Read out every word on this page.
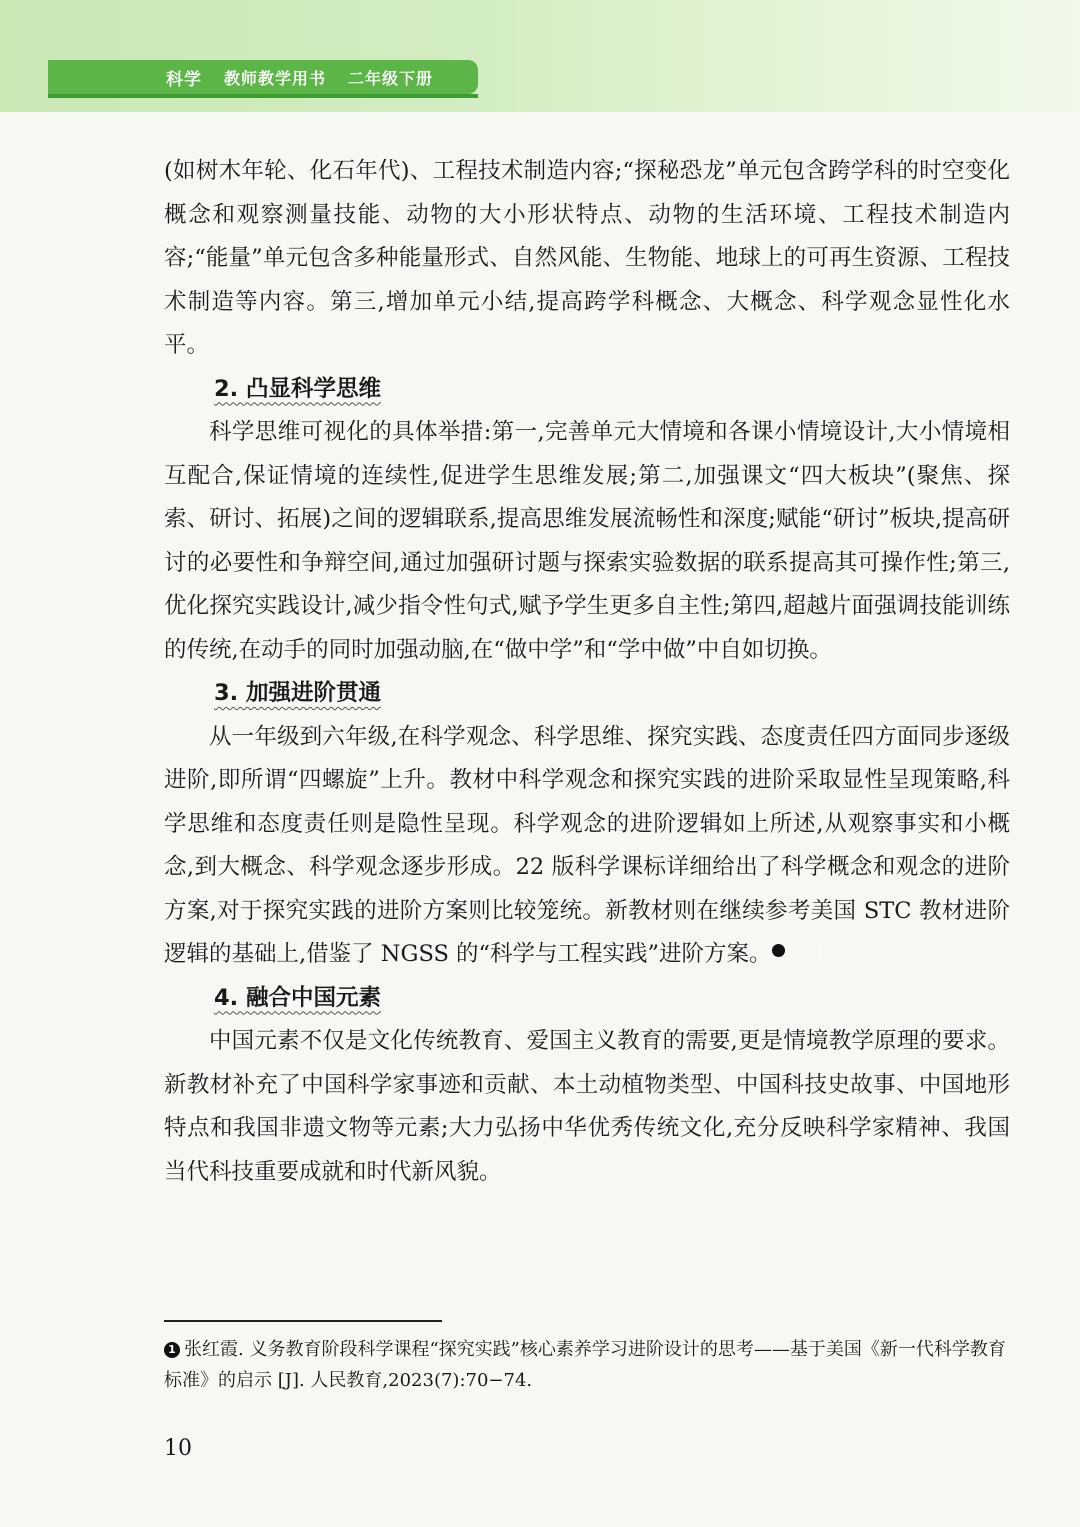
科学 教师教学用书 二年级下册

(如树木年轮、化石年代)、工程技术制造内容;“探秘恐龙”单元包含跨学科的时空变化概念和观察测量技能、动物的大小形状特点、动物的生活环境、工程技术制造内容;“能量”单元包含多种能量形式、自然风能、生物能、地球上的可再生资源、工程技术制造等内容。第三,增加单元小结,提高跨学科概念、大概念、科学观念显性化水平。

2. 凸显科学思维

科学思维可视化的具体举措:第一,完善单元大情境和各课小情境设计,大小情境相互配合,保证情境的连续性,促进学生思维发展;第二,加强课文“四大板块”(聚焦、探索、研讨、拓展)之间的逻辑联系,提高思维发展流畅性和深度;赋能“研讨”板块,提高研讨的必要性和争辩空间,通过加强研讨题与探索实验数据的联系提高其可操作性;第三,优化探究实践设计,减少指令性句式,赋予学生更多自主性;第四,超越片面强调技能训练的传统,在动手的同时加强动脑,在“做中学”和“学中做”中自如切换。

3. 加强进阶贯通

从一年级到六年级,在科学观念、科学思维、探究实践、态度责任四方面同步逐级进阶,即所谓“四螺旋”上升。教材中科学观念和探究实践的进阶采取显性呈现策略,科学思维和态度责任则是隐性呈现。科学观念的进阶逻辑如上所述,从观察事实和小概念,到大概念、科学观念逐步形成。22 版科学课标详细给出了科学概念和观念的进阶方案,对于探究实践的进阶方案则比较笼统。新教材则在继续参考美国 STC 教材进阶逻辑的基础上,借鉴了 NGSS 的“科学与工程实践”进阶方案。	1

4. 融合中国元素

中国元素不仅是文化传统教育、爱国主义教育的需要,更是情境教学原理的要求。新教材补充了中国科学家事迹和贡献、本土动植物类型、中国科技史故事、中国地形特点和我国非遗文物等元素;大力弘扬中华优秀传统文化,充分反映科学家精神、我国当代科技重要成就和时代新风貌。

1 张红霞. 义务教育阶段科学课程“探究实践”核心素养学习进阶设计的思考——基于美国《新一代科学教育标准》的启示 [J]. 人民教育,2023(7):70−74.
10
